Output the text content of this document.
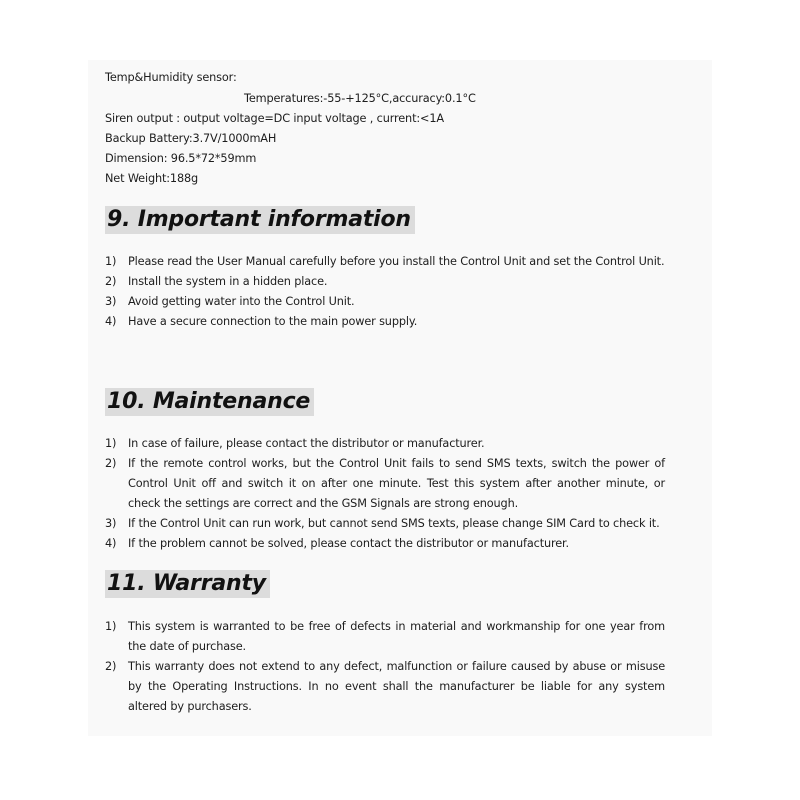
Temp&Humidity sensor:
Temperatures:-55-+125°C,accuracy:0.1°C
Siren output : output voltage=DC input voltage , current:<1A
Backup Battery:3.7V/1000mAH
Dimension: 96.5*72*59mm
Net Weight:188g
9. Important information
1) Please read the User Manual carefully before you install the Control Unit and set the Control Unit.
2) Install the system in a hidden place.
3) Avoid getting water into the Control Unit.
4) Have a secure connection to the main power supply.
10. Maintenance
1) In case of failure, please contact the distributor or manufacturer.
2) If the remote control works, but the Control Unit fails to send SMS texts, switch the power of Control Unit off and switch it on after one minute. Test this system after another minute, or check the settings are correct and the GSM Signals are strong enough.
3) If the Control Unit can run work, but cannot send SMS texts, please change SIM Card to check it.
4) If the problem cannot be solved, please contact the distributor or manufacturer.
11. Warranty
1) This system is warranted to be free of defects in material and workmanship for one year from the date of purchase.
2) This warranty does not extend to any defect, malfunction or failure caused by abuse or misuse by the Operating Instructions. In no event shall the manufacturer be liable for any system altered by purchasers.
